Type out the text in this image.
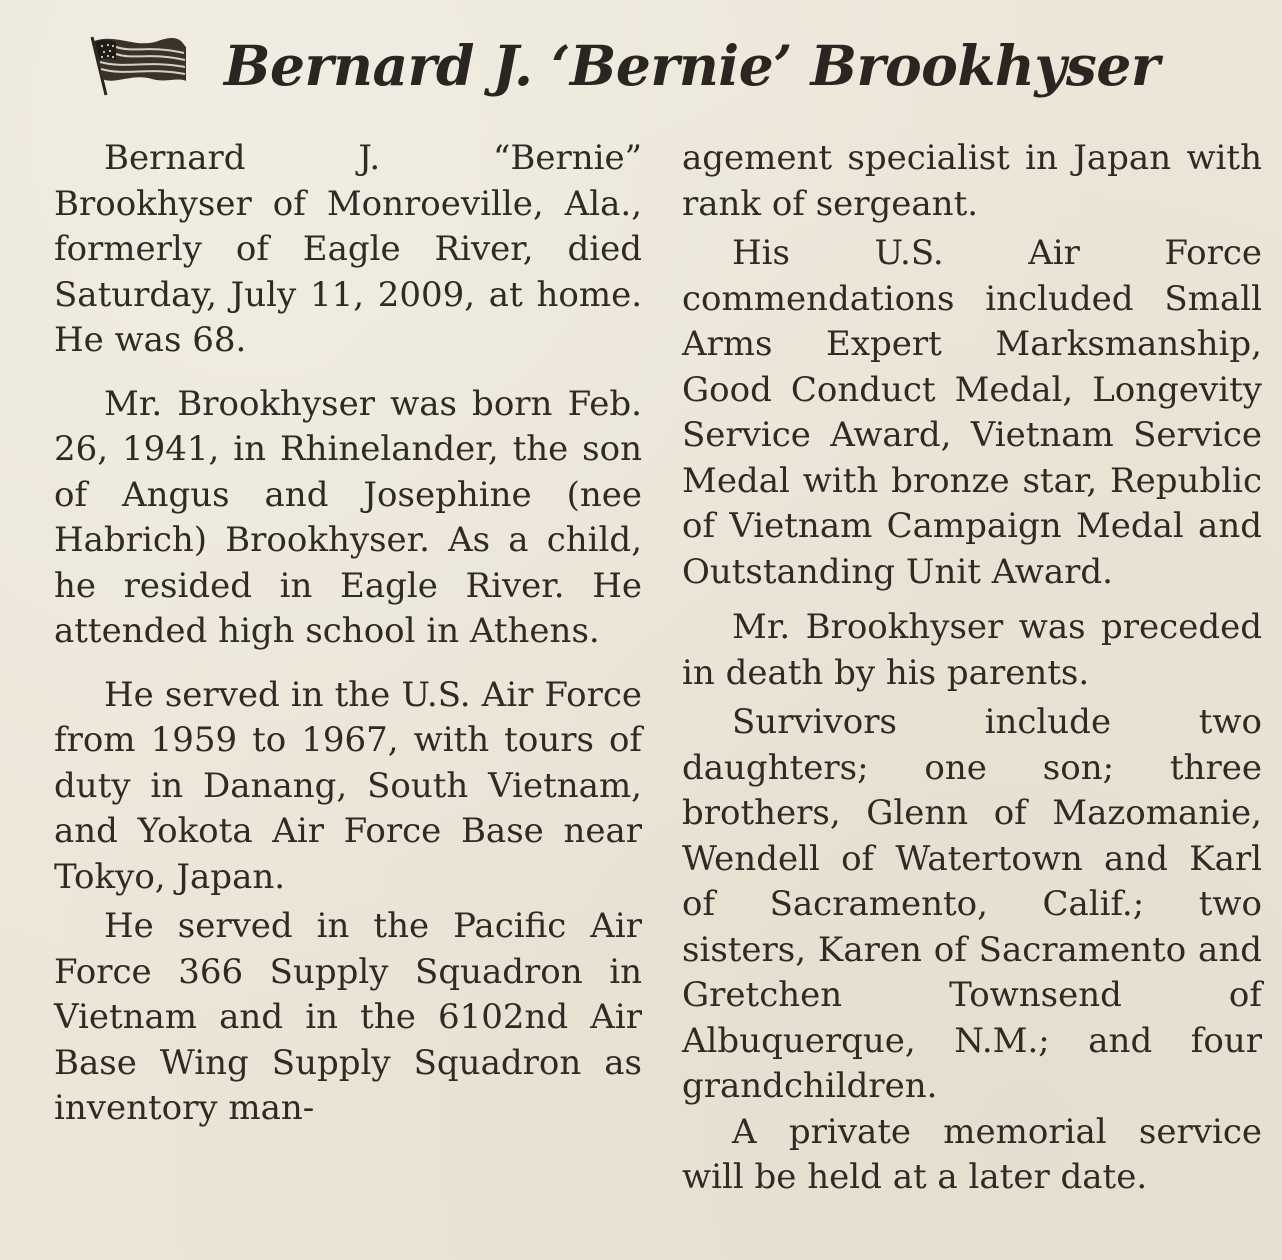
Bernard J. ‘Bernie’ Brookhyser

Bernard J. “Bernie” Brookhyser of Monroeville, Ala., formerly of Eagle River, died Saturday, July 11, 2009, at home. He was 68.

Mr. Brookhyser was born Feb. 26, 1941, in Rhinelander, the son of Angus and Josephine (nee Habrich) Brookhyser. As a child, he resided in Eagle River. He attended high school in Athens.

He served in the U.S. Air Force from 1959 to 1967, with tours of duty in Danang, South Vietnam, and Yokota Air Force Base near Tokyo, Japan.

He served in the Pacific Air Force 366 Supply Squadron in Vietnam and in the 6102nd Air Base Wing Supply Squadron as inventory man-

agement specialist in Japan with rank of sergeant.

His U.S. Air Force commendations included Small Arms Expert Marksmanship, Good Conduct Medal, Longevity Service Award, Vietnam Service Medal with bronze star, Republic of Vietnam Campaign Medal and Outstanding Unit Award.

Mr. Brookhyser was preceded in death by his parents.

Survivors include two daughters; one son; three brothers, Glenn of Mazomanie, Wendell of Watertown and Karl of Sacramento, Calif.; two sisters, Karen of Sacramento and Gretchen Townsend of Albuquerque, N.M.; and four grandchildren.

A private memorial service will be held at a later date.
